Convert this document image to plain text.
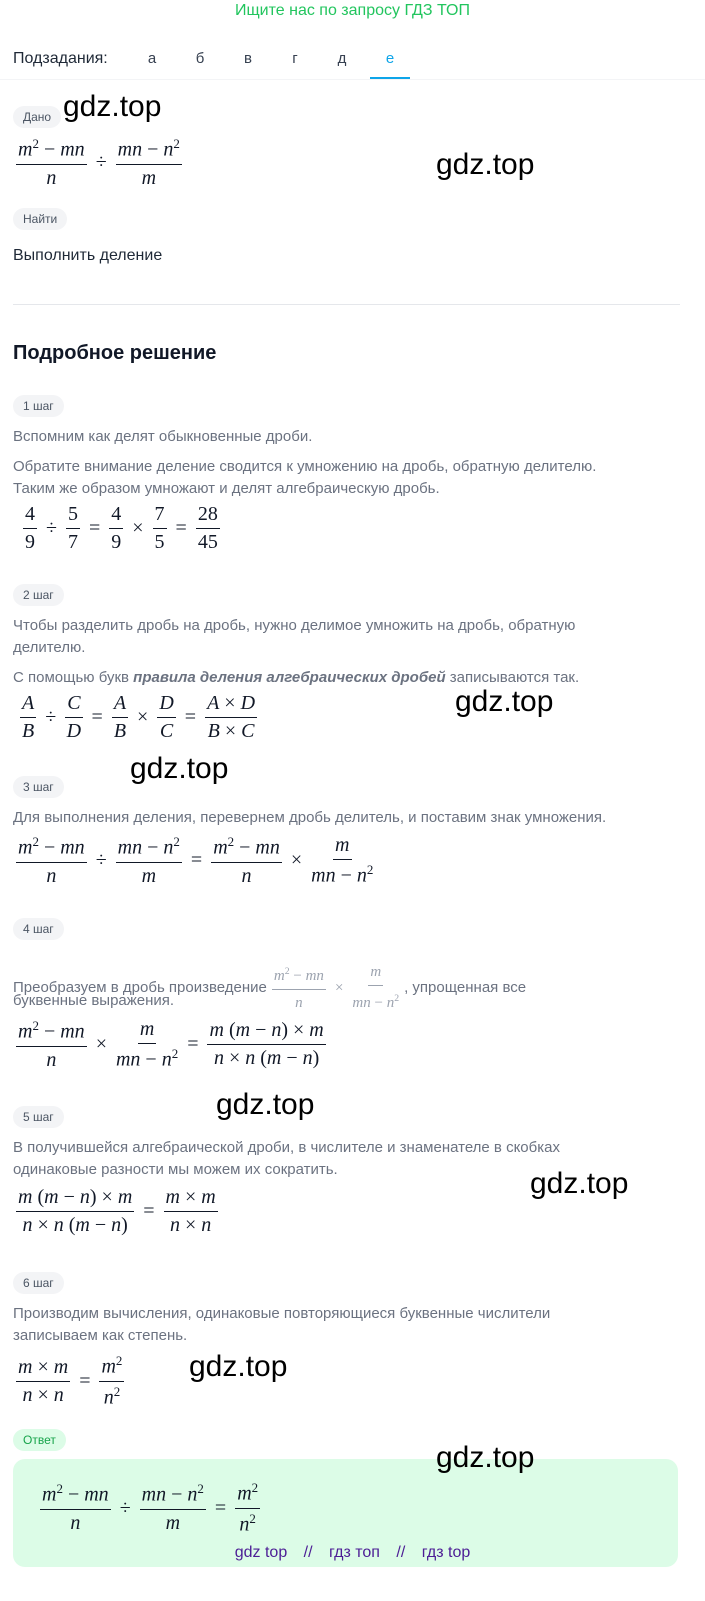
Ищите нас по запросу ГДЗ ТОП
Подзадания:	а	б	в	г	д	е
Дано gdz.top
$\frac{m^2 - mn}{n} \div \frac{mn - n^2}{m}$	gdz.top
Найти
Выполнить деление
Подробное решение
1 шаг
Вспомним как делят обыкновенные дроби.
Обратите внимание деление сводится к умножению на дробь, обратную делителю.
Таким же образом умножают и делят алгебраическую дробь.
$\frac{4}{9} \div \frac{5}{7} = \frac{4}{9} \times \frac{7}{5} = \frac{28}{45}$
2 шаг
Чтобы разделить дробь на дробь, нужно делимое умножить на дробь, обратную
делителю.
С помощью букв правила деления алгебраических дробей записываются так.
$\frac{A}{B} \div \frac{C}{D} = \frac{A}{B} \times \frac{D}{C} = \frac{A \times D}{B \times C}$	gdz.top
gdz.top
3 шаг
Для выполнения деления, перевернем дробь делитель, и поставим знак умножения.
$\frac{m^2 - mn}{n} \div \frac{mn - n^2}{m} = \frac{m^2 - mn}{n} \times \frac{m}{mn - n^2}$
4 шаг
Преобразуем в дробь произведение $\frac{m^2 - mn}{n} \times \frac{m}{mn - n^2}$ , упрощенная все
буквенные выражения.
$\frac{m^2 - mn}{n} \times \frac{m}{mn - n^2} = \frac{m (m - n) \times m}{n \times n (m - n)}$
5 шаг	gdz.top
В получившейся алгебраической дроби, в числителе и знаменателе в скобках
одинаковые разности мы можем их сократить.
$\frac{m (m - n) \times m}{n \times n (m - n)} = \frac{m \times m}{n \times n}$
gdz.top
6 шаг
Производим вычисления, одинаковые повторяющиеся буквенные числители
записываем как степень.
$\frac{m \times m}{n \times n} = \frac{m^2}{n^2} gdz.top$
Ответ
gdz.top
$\frac{m^2 - mn}{n} \div \frac{mn - n^2}{m} = \frac{m^2}{n^2}$
gdz top // гдз топ // гдз top
